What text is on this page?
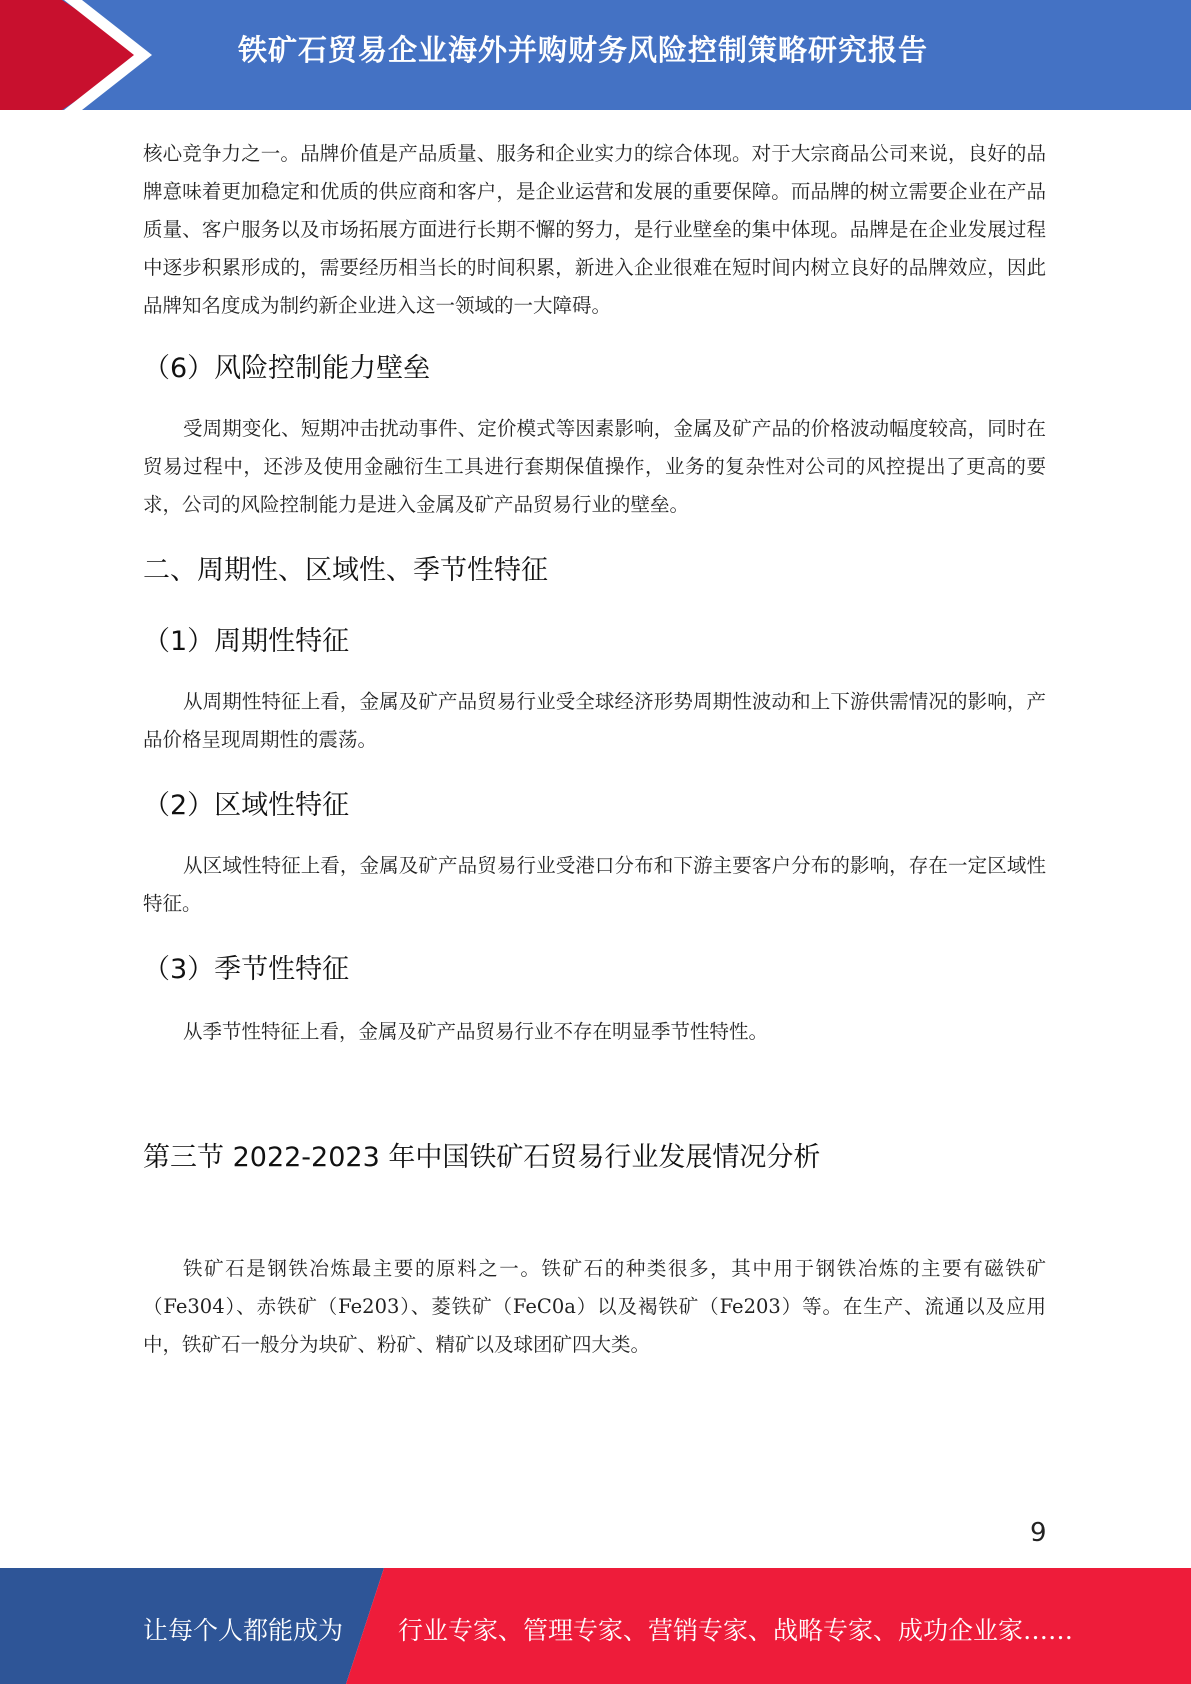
铁矿石贸易企业海外并购财务风险控制策略研究报告

核心竞争力之一。品牌价值是产品质量、服务和企业实力的综合体现。对于大宗商品公司来说，良好的品牌意味着更加稳定和优质的供应商和客户，是企业运营和发展的重要保障。而品牌的树立需要企业在产品质量、客户服务以及市场拓展方面进行长期不懈的努力，是行业壁垒的集中体现。品牌是在企业发展过程中逐步积累形成的，需要经历相当长的时间积累，新进入企业很难在短时间内树立良好的品牌效应，因此品牌知名度成为制约新企业进入这一领域的一大障碍。

（6）风险控制能力壁垒

受周期变化、短期冲击扰动事件、定价模式等因素影响，金属及矿产品的价格波动幅度较高，同时在贸易过程中，还涉及使用金融衍生工具进行套期保值操作，业务的复杂性对公司的风控提出了更高的要求，公司的风险控制能力是进入金属及矿产品贸易行业的壁垒。

二、周期性、区域性、季节性特征
（1）周期性特征

从周期性特征上看，金属及矿产品贸易行业受全球经济形势周期性波动和上下游供需情况的影响，产品价格呈现周期性的震荡。

（2）区域性特征

从区域性特征上看，金属及矿产品贸易行业受港口分布和下游主要客户分布的影响，存在一定区域性特征。

（3）季节性特征

从季节性特征上看，金属及矿产品贸易行业不存在明显季节性特性。

第三节 2022-2023 年中国铁矿石贸易行业发展情况分析

铁矿石是钢铁冶炼最主要的原料之一。铁矿石的种类很多，其中用于钢铁冶炼的主要有磁铁矿（Fe304）、赤铁矿（Fe203）、菱铁矿（FeC0a）以及褐铁矿（Fe203）等。在生产、流通以及应用中，铁矿石一般分为块矿、粉矿、精矿以及球团矿四大类。

9
让每个人都能成为 行业专家、管理专家、营销专家、战略专家、成功企业家……
